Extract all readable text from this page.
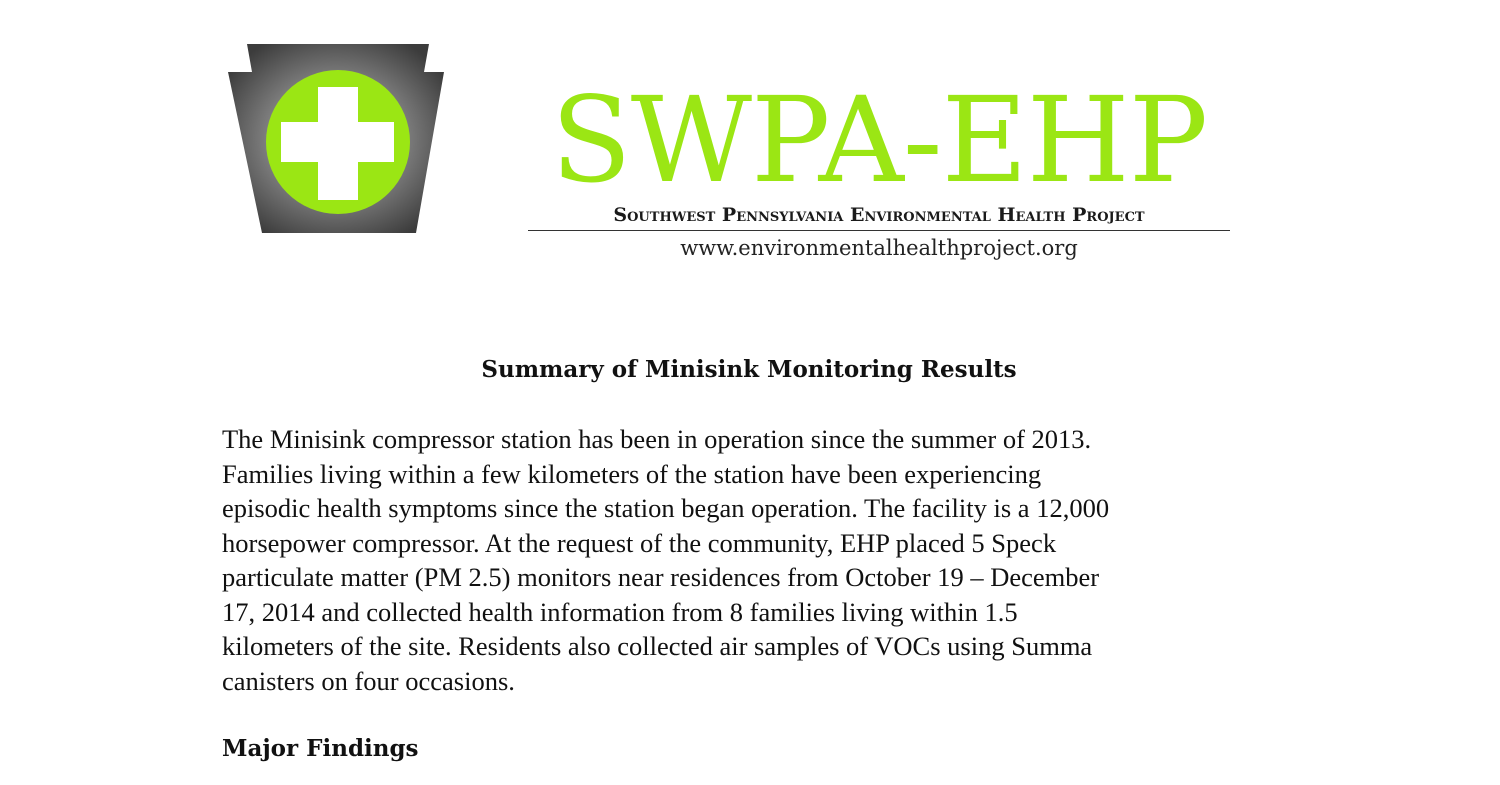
SWPA-EHP
Southwest Pennsylvania Environmental Health Project
www.environmentalhealthproject.org
Summary of Minisink Monitoring Results

The Minisink compressor station has been in operation since the summer of 2013.
Families living within a few kilometers of the station have been experiencing
episodic health symptoms since the station began operation. The facility is a 12,000
horsepower compressor. At the request of the community, EHP placed 5 Speck
particulate matter (PM 2.5) monitors near residences from October 19 – December
17, 2014 and collected health information from 8 families living within 1.5
kilometers of the site. Residents also collected air samples of VOCs using Summa
canisters on four occasions.

Major Findings
